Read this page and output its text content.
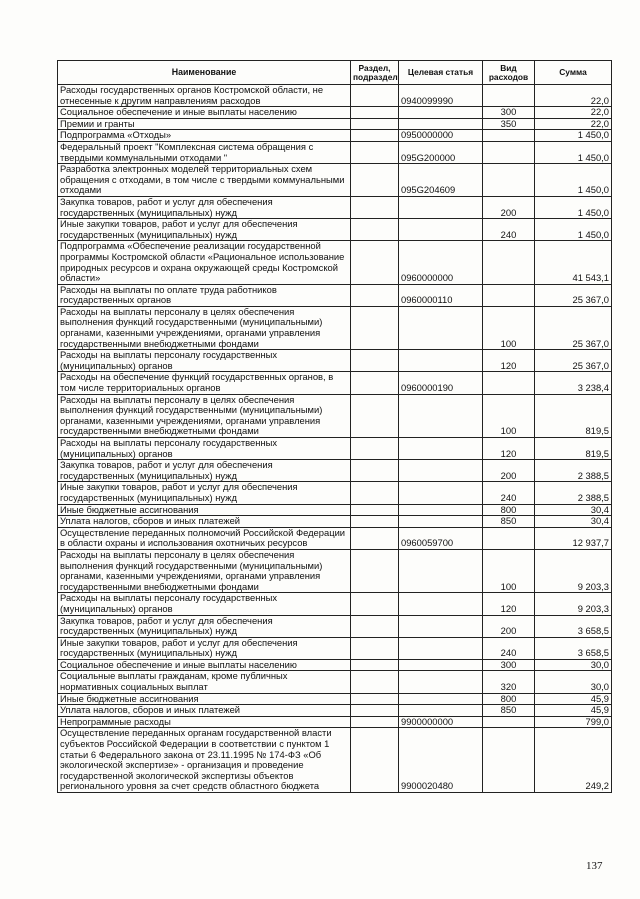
Наименование	Раздел, подраздел	Целевая статья	Вид расходов	Сумма
Расходы государственных органов Костромской области, не отнесенные к другим направлениям расходов		0940099990		22,0
Социальное обеспечение и иные выплаты населению			300	22,0
Премии и гранты			350	22,0
Подпрограмма «Отходы»		0950000000		1 450,0
Федеральный проект "Комплексная система обращения с твердыми коммунальными отходами "		095G200000		1 450,0
Разработка электронных моделей территориальных схем обращения с отходами, в том числе с твердыми коммунальными отходами		095G204609		1 450,0
Закупка товаров, работ и услуг для обеспечения государственных (муниципальных) нужд			200	1 450,0
Иные закупки товаров, работ и услуг для обеспечения государственных (муниципальных) нужд			240	1 450,0
Подпрограмма «Обеспечение реализации государственной программы Костромской области «Рациональное использование природных ресурсов и охрана окружающей среды Костромской области»		0960000000		41 543,1
Расходы на выплаты по оплате труда работников государственных органов		0960000110		25 367,0
Расходы на выплаты персоналу в целях обеспечения выполнения функций государственными (муниципальными) органами, казенными учреждениями, органами управления государственными внебюджетными фондами			100	25 367,0
Расходы на выплаты персоналу государственных (муниципальных) органов			120	25 367,0
Расходы на обеспечение функций государственных органов, в том числе территориальных органов		0960000190		3 238,4
Расходы на выплаты персоналу в целях обеспечения выполнения функций государственными (муниципальными) органами, казенными учреждениями, органами управления государственными внебюджетными фондами			100	819,5
Расходы на выплаты персоналу государственных (муниципальных) органов			120	819,5
Закупка товаров, работ и услуг для обеспечения государственных (муниципальных) нужд			200	2 388,5
Иные закупки товаров, работ и услуг для обеспечения государственных (муниципальных) нужд			240	2 388,5
Иные бюджетные ассигнования			800	30,4
Уплата налогов, сборов и иных платежей			850	30,4
Осуществление переданных полномочий Российской Федерации в области охраны и использования охотничьих ресурсов		0960059700		12 937,7
Расходы на выплаты персоналу в целях обеспечения выполнения функций государственными (муниципальными) органами, казенными учреждениями, органами управления государственными внебюджетными фондами			100	9 203,3
Расходы на выплаты персоналу государственных (муниципальных) органов			120	9 203,3
Закупка товаров, работ и услуг для обеспечения государственных (муниципальных) нужд			200	3 658,5
Иные закупки товаров, работ и услуг для обеспечения государственных (муниципальных) нужд			240	3 658,5
Социальное обеспечение и иные выплаты населению			300	30,0
Социальные выплаты гражданам, кроме публичных нормативных социальных выплат			320	30,0
Иные бюджетные ассигнования			800	45,9
Уплата налогов, сборов и иных платежей			850	45,9
Непрограммные расходы		9900000000		799,0
Осуществление переданных органам государственной власти субъектов Российской Федерации в соответствии с пунктом 1 статьи 6 Федерального закона от 23.11.1995 № 174-ФЗ «Об экологической экспертизе» - организация и проведение государственной экологической экспертизы объектов регионального уровня за счет средств областного бюджета		9900020480		249,2
137
